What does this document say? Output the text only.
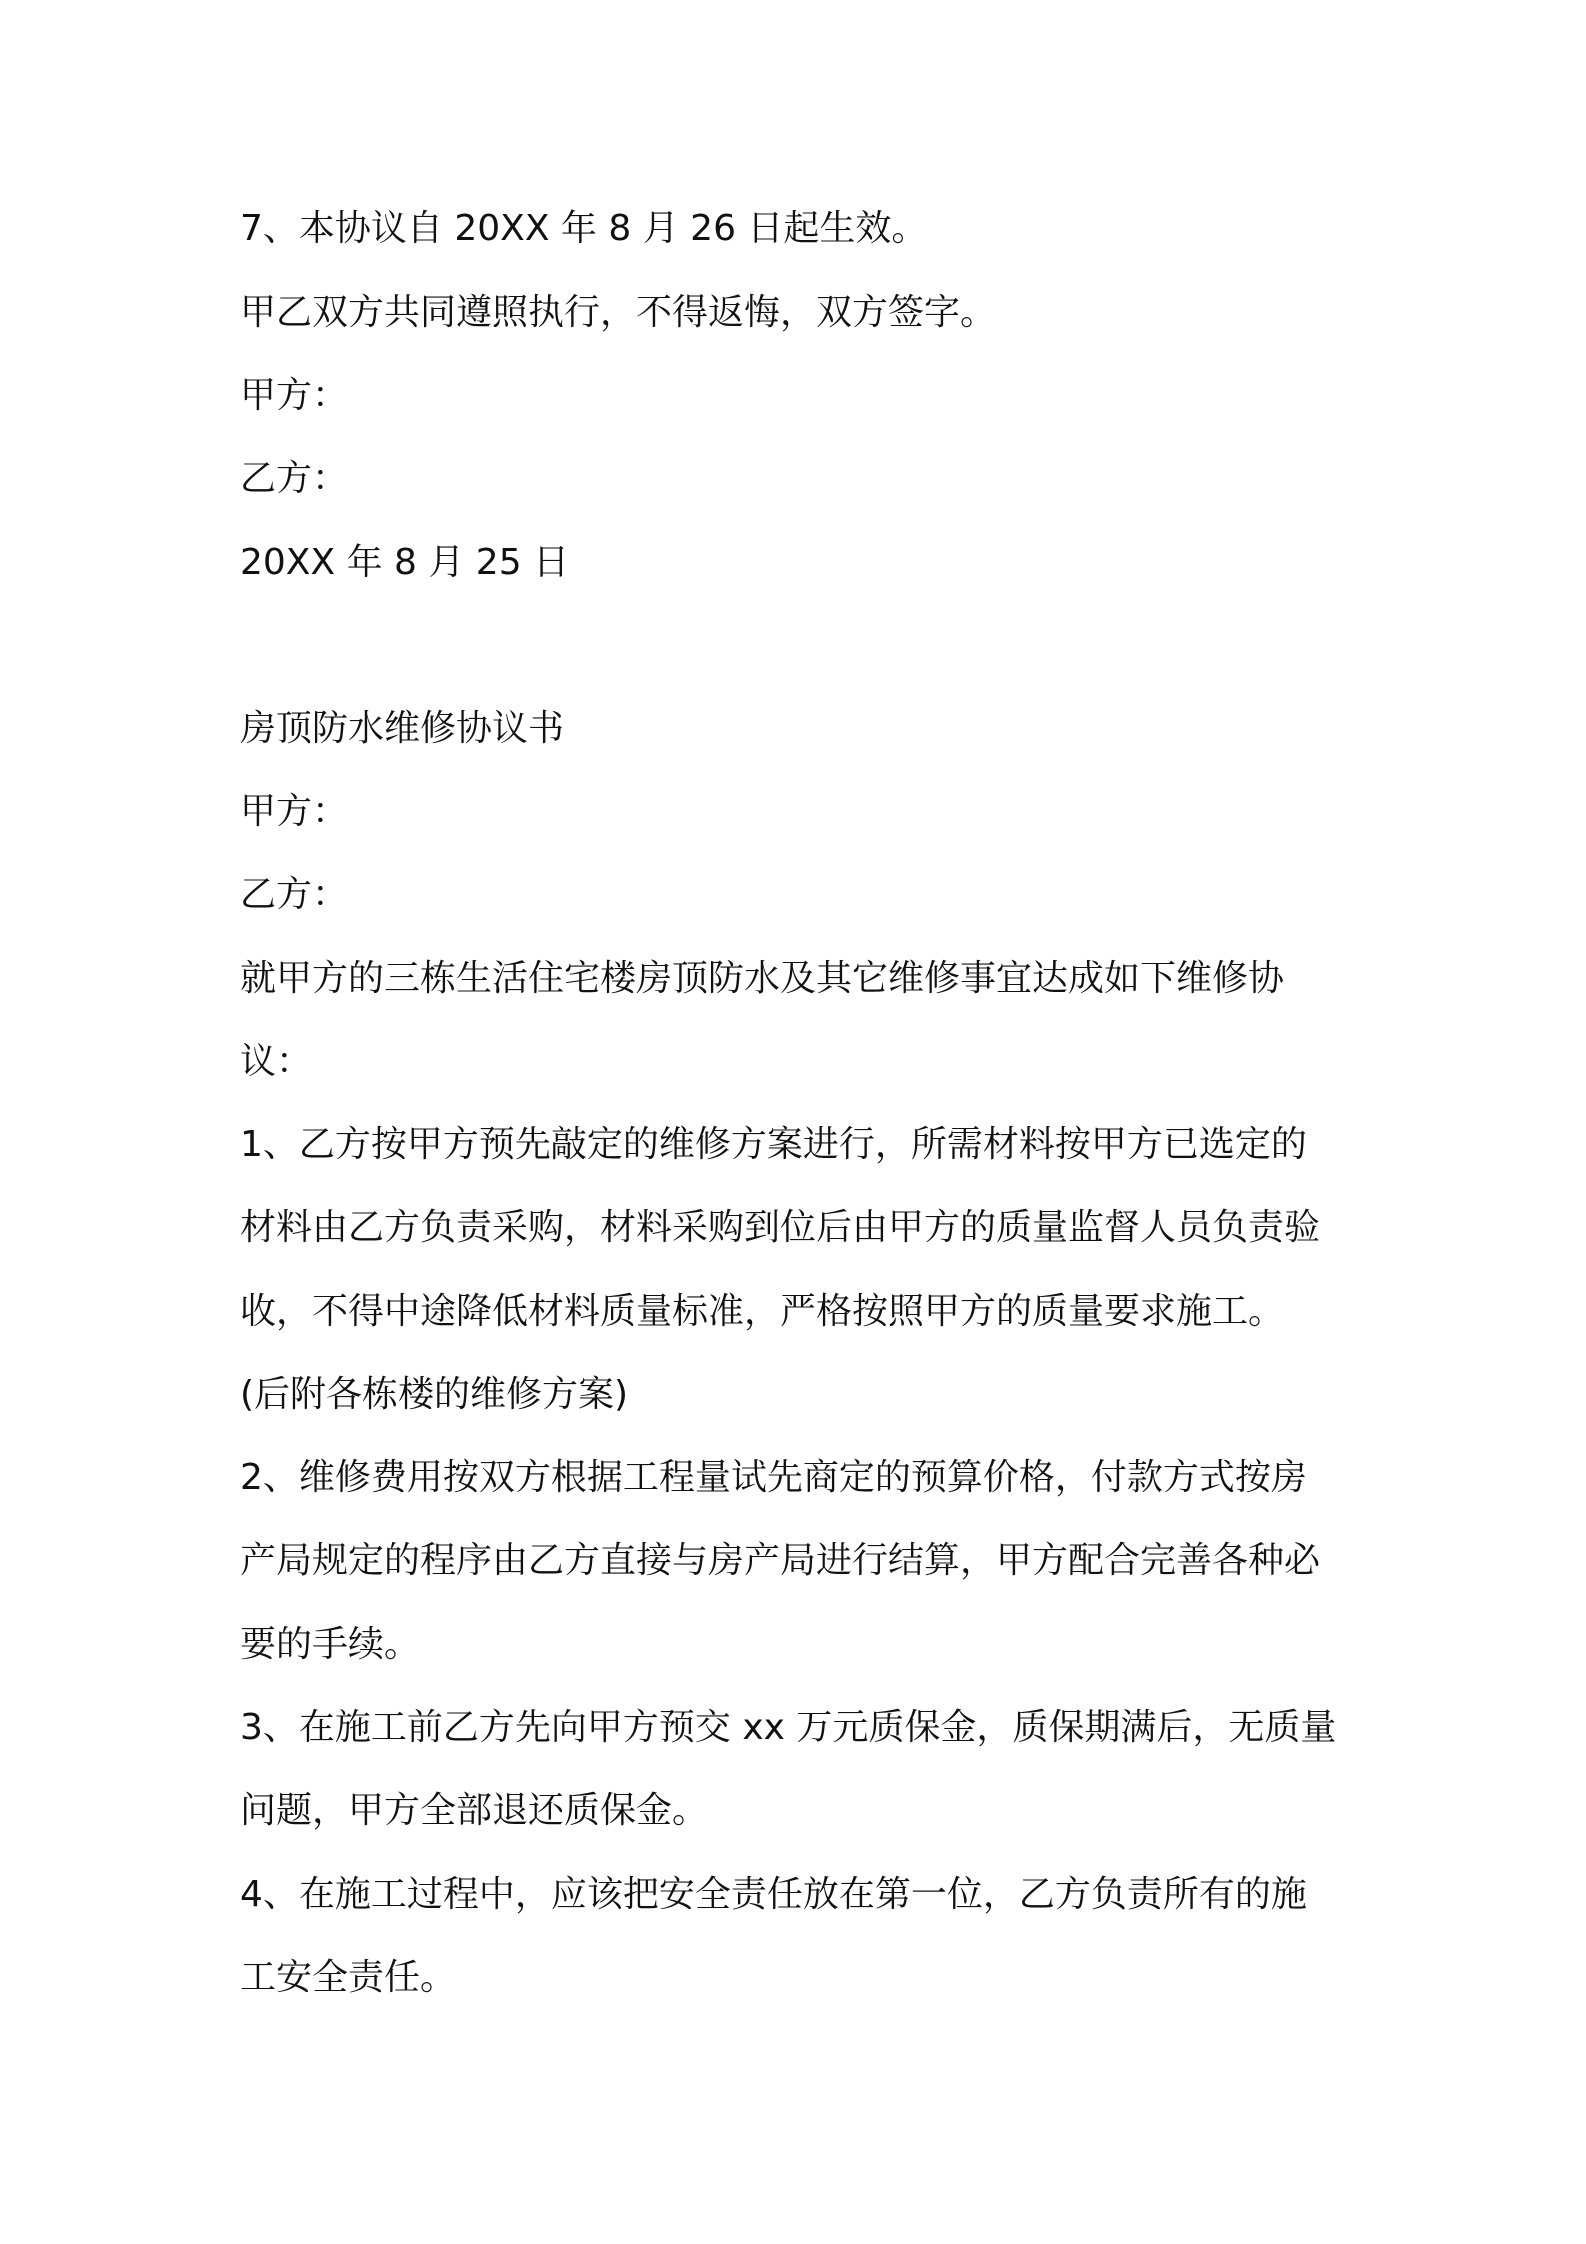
7、本协议自 20XX 年 8 月 26 日起生效。
甲乙双方共同遵照执行，不得返悔，双方签字。
甲方：
乙方：
20XX 年 8 月 25 日
房顶防水维修协议书
甲方：
乙方：
就甲方的三栋生活住宅楼房顶防水及其它维修事宜达成如下维修协
议：
1、乙方按甲方预先敲定的维修方案进行，所需材料按甲方已选定的
材料由乙方负责采购，材料采购到位后由甲方的质量监督人员负责验
收，不得中途降低材料质量标准，严格按照甲方的质量要求施工。
(后附各栋楼的维修方案)
2、维修费用按双方根据工程量试先商定的预算价格，付款方式按房
产局规定的程序由乙方直接与房产局进行结算，甲方配合完善各种必
要的手续。
3、在施工前乙方先向甲方预交 xx 万元质保金，质保期满后，无质量
问题，甲方全部退还质保金。
4、在施工过程中，应该把安全责任放在第一位，乙方负责所有的施
工安全责任。
